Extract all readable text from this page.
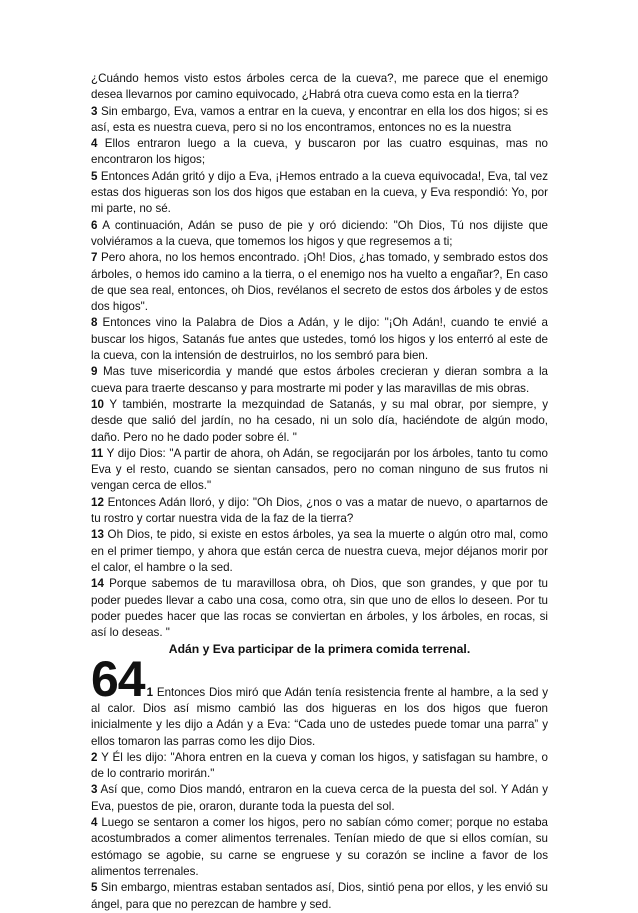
¿Cuándo hemos visto estos árboles cerca de la cueva?, me parece que el enemigo desea llevarnos por camino equivocado, ¿Habrá otra cueva como esta en la tierra?

3 Sin embargo, Eva, vamos a entrar en la cueva, y encontrar en ella los dos higos; si es así, esta es nuestra cueva, pero si no los encontramos, entonces no es la nuestra

4 Ellos entraron luego a la cueva, y buscaron por las cuatro esquinas, mas no encontraron los higos;

5 Entonces Adán gritó y dijo a Eva, ¡Hemos entrado a la cueva equivocada!, Eva, tal vez estas dos higueras son los dos higos que estaban en la cueva, y Eva respondió: Yo, por mi parte, no sé.

6 A continuación, Adán se puso de pie y oró diciendo: "Oh Dios, Tú nos dijiste que volviéramos a la cueva, que tomemos los higos y que regresemos a ti;

7 Pero ahora, no los hemos encontrado. ¡Oh! Dios, ¿has tomado, y sembrado estos dos árboles, o hemos ido camino a la tierra, o el enemigo nos ha vuelto a engañar?, En caso de que sea real, entonces, oh Dios, revélanos el secreto de estos dos árboles y de estos dos higos".

8 Entonces vino la Palabra de Dios a Adán, y le dijo: "¡Oh Adán!, cuando te envié a buscar los higos, Satanás fue antes que ustedes, tomó los higos y los enterró al este de la cueva, con la intensión de destruirlos, no los sembró para bien.

9 Mas tuve misericordia y mandé que estos árboles crecieran y dieran sombra a la cueva para traerte descanso y para mostrarte mi poder y las maravillas de mis obras.

10 Y también, mostrarte la mezquindad de Satanás, y su mal obrar, por siempre, y desde que salió del jardín, no ha cesado, ni un solo día, haciéndote de algún modo, daño. Pero no he dado poder sobre él. "

11 Y dijo Dios: "A partir de ahora, oh Adán, se regocijarán por los árboles, tanto tu como Eva y el resto, cuando se sientan cansados, pero no coman ninguno de sus frutos ni vengan cerca de ellos."

12 Entonces Adán lloró, y dijo: "Oh Dios, ¿nos o vas a matar de nuevo, o apartarnos de tu rostro y cortar nuestra vida de la faz de la tierra?

13 Oh Dios, te pido, si existe en estos árboles, ya sea la muerte o algún otro mal, como en el primer tiempo, y ahora que están cerca de nuestra cueva, mejor déjanos morir por el calor, el hambre o la sed.

14 Porque sabemos de tu maravillosa obra, oh Dios, que son grandes, y que por tu poder puedes llevar a cabo una cosa, como otra, sin que uno de ellos lo deseen. Por tu poder puedes hacer que las rocas se conviertan en árboles, y los árboles, en rocas, si así lo deseas. "

Adán y Eva participar de la primera comida terrenal.

64 1 Entonces Dios miró que Adán tenía resistencia frente al hambre, a la sed y al calor. Dios así mismo cambió las dos higueras en los dos higos que fueron inicialmente y les dijo a Adán y a Eva: “Cada uno de ustedes puede tomar una parra” y ellos tomaron las parras como les dijo Dios.

2 Y Él les dijo: "Ahora entren en la cueva y coman los higos, y satisfagan su hambre, o de lo contrario morirán."

3 Así que, como Dios mandó, entraron en la cueva cerca de la puesta del sol. Y Adán y Eva, puestos de pie, oraron, durante toda la puesta del sol.

4 Luego se sentaron a comer los higos, pero no sabían cómo comer; porque no estaba acostumbrados a comer alimentos terrenales. Tenían miedo de que si ellos comían, su estómago se agobie, su carne se engruese y su corazón se incline a favor de los alimentos terrenales.

5 Sin embargo, mientras estaban sentados así, Dios, sintió pena por ellos, y les envió su ángel, para que no perezcan de hambre y sed.
